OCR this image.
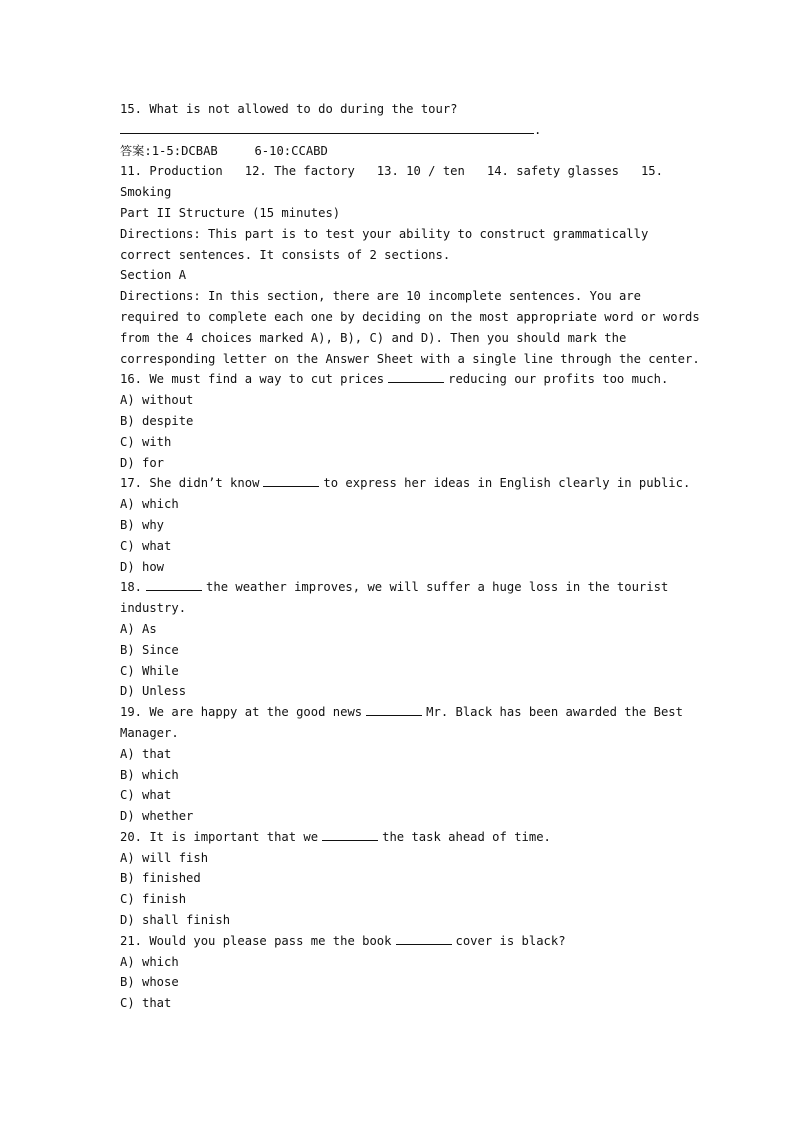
15. What is not allowed to do during the tour?
.
答案:1-5:DCBAB	6-10:CCABD
11. Production   12. The factory   13. 10 / ten   14. safety glasses   15.
Smoking
Part II Structure (15 minutes)
Directions: This part is to test your ability to construct grammatically
correct sentences. It consists of 2 sections.
Section A
Directions: In this section, there are 10 incomplete sentences. You are
required to complete each one by deciding on the most appropriate word or words
from the 4 choices marked A), B), C) and D). Then you should mark the
corresponding letter on the Answer Sheet with a single line through the center.
16. We must find a way to cut prices	reducing our profits too much.
A) without
B) despite
C) with
D) for
17. She didn’t know	to express her ideas in English clearly in public.
A) which
B) why
C) what
D) how
18.	the weather improves, we will suffer a huge loss in the tourist
industry.
A) As
B) Since
C) While
D) Unless
19. We are happy at the good news	Mr. Black has been awarded the Best
Manager.
A) that
B) which
C) what
D) whether
20. It is important that we	the task ahead of time.
A) will fish
B) finished
C) finish
D) shall finish
21. Would you please pass me the book	cover is black?
A) which
B) whose
C) that
